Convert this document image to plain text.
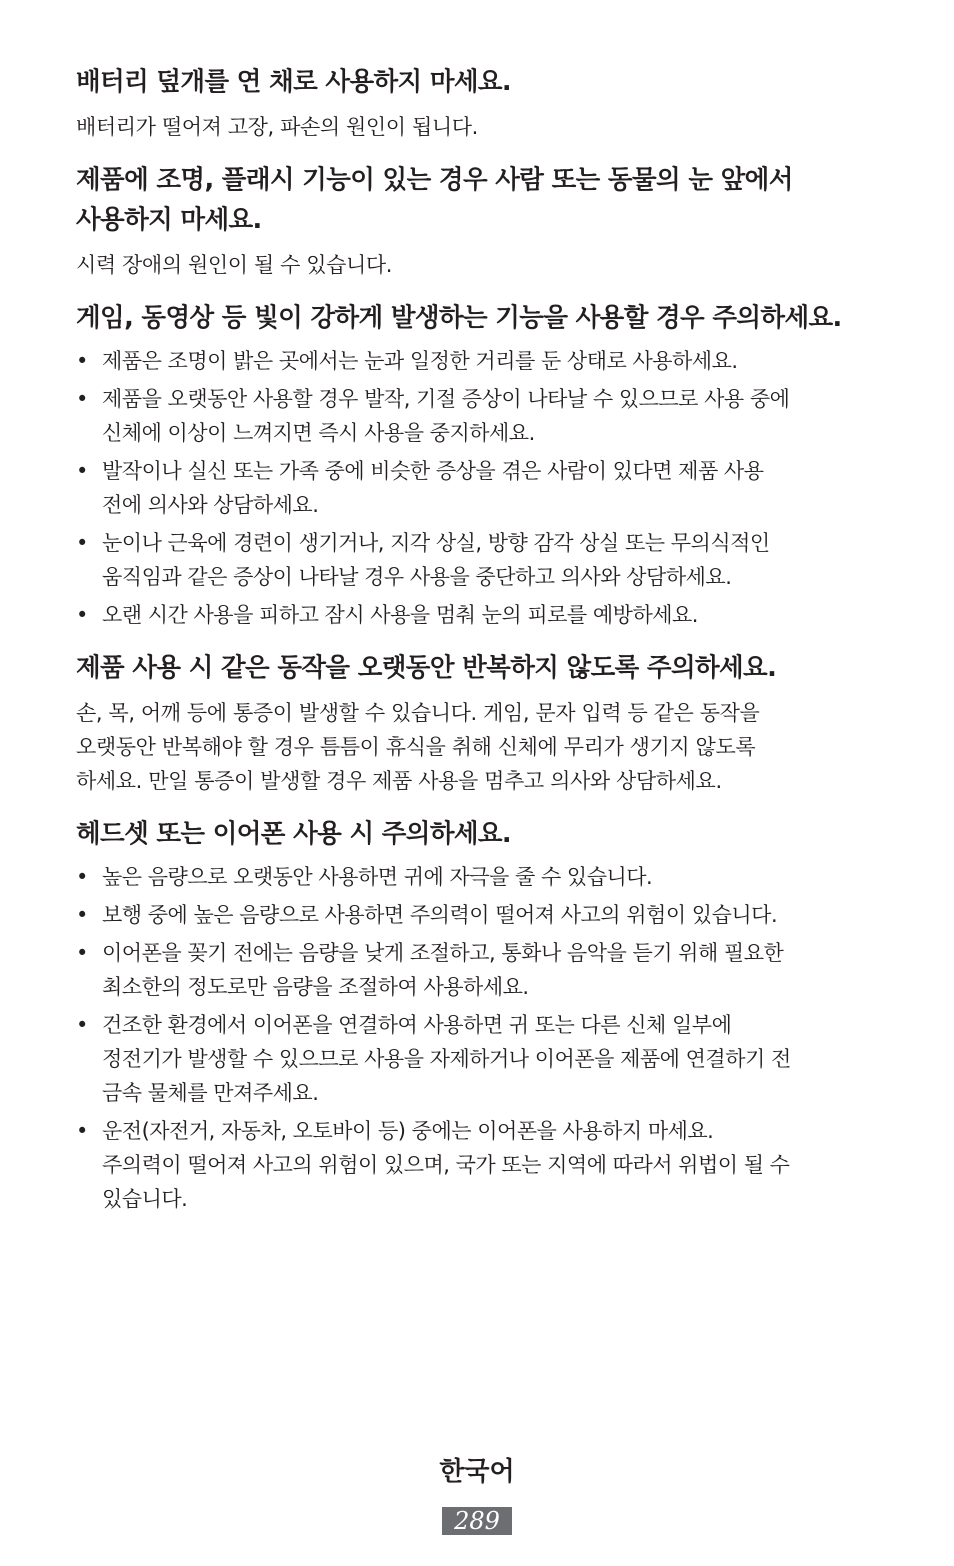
배터리 덮개를 연 채로 사용하지 마세요.

배터리가 떨어져 고장, 파손의 원인이 됩니다.

제품에 조명, 플래시 기능이 있는 경우 사람 또는 동물의 눈 앞에서
사용하지 마세요.

시력 장애의 원인이 될 수 있습니다.

게임, 동영상 등 빛이 강하게 발생하는 기능을 사용할 경우 주의하세요.

• 제품은 조명이 밝은 곳에서는 눈과 일정한 거리를 둔 상태로 사용하세요.
• 제품을 오랫동안 사용할 경우 발작, 기절 증상이 나타날 수 있으므로 사용 중에
신체에 이상이 느껴지면 즉시 사용을 중지하세요.
• 발작이나 실신 또는 가족 중에 비슷한 증상을 겪은 사람이 있다면 제품 사용
전에 의사와 상담하세요.
• 눈이나 근육에 경련이 생기거나, 지각 상실, 방향 감각 상실 또는 무의식적인
움직임과 같은 증상이 나타날 경우 사용을 중단하고 의사와 상담하세요.
• 오랜 시간 사용을 피하고 잠시 사용을 멈춰 눈의 피로를 예방하세요.

제품 사용 시 같은 동작을 오랫동안 반복하지 않도록 주의하세요.

손, 목, 어깨 등에 통증이 발생할 수 있습니다. 게임, 문자 입력 등 같은 동작을
오랫동안 반복해야 할 경우 틈틈이 휴식을 취해 신체에 무리가 생기지 않도록
하세요. 만일 통증이 발생할 경우 제품 사용을 멈추고 의사와 상담하세요.

헤드셋 또는 이어폰 사용 시 주의하세요.

• 높은 음량으로 오랫동안 사용하면 귀에 자극을 줄 수 있습니다.
• 보행 중에 높은 음량으로 사용하면 주의력이 떨어져 사고의 위험이 있습니다.
• 이어폰을 꽂기 전에는 음량을 낮게 조절하고, 통화나 음악을 듣기 위해 필요한
최소한의 정도로만 음량을 조절하여 사용하세요.
• 건조한 환경에서 이어폰을 연결하여 사용하면 귀 또는 다른 신체 일부에
정전기가 발생할 수 있으므로 사용을 자제하거나 이어폰을 제품에 연결하기 전
금속 물체를 만져주세요.
• 운전(자전거, 자동차, 오토바이 등) 중에는 이어폰을 사용하지 마세요.
주의력이 떨어져 사고의 위험이 있으며, 국가 또는 지역에 따라서 위법이 될 수
있습니다.
한국어
289
